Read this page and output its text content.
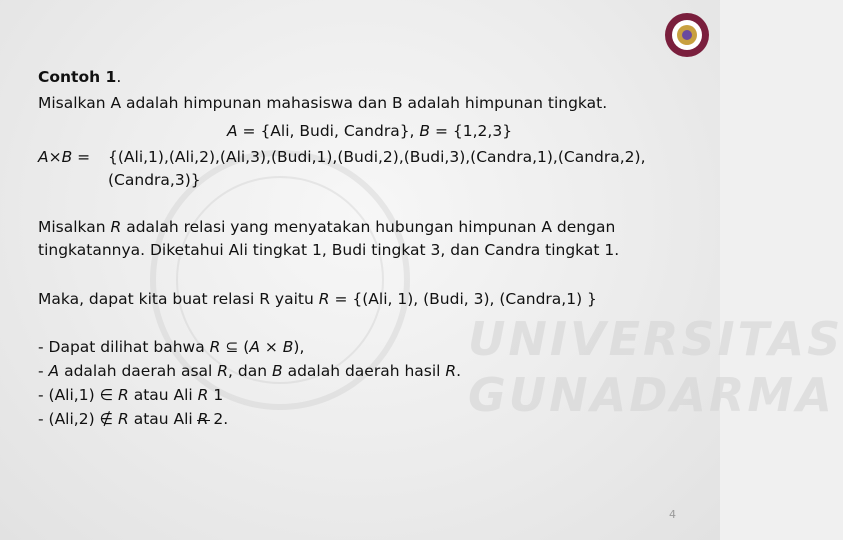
UNIVERSITAS
GUNADARMA
Contoh 1.
Misalkan A adalah himpunan mahasiswa dan B adalah himpunan tingkat.
A = {Ali, Budi, Candra}, B = {1,2,3}
A×B = {(Ali,1),(Ali,2),(Ali,3),(Budi,1),(Budi,2),(Budi,3),(Candra,1),(Candra,2),
(Candra,3)}
Misalkan R adalah relasi yang menyatakan hubungan himpunan A dengan
tingkatannya. Diketahui Ali tingkat 1, Budi tingkat 3, dan Candra tingkat 1.
Maka, dapat kita buat relasi R yaitu R = {(Ali, 1), (Budi, 3), (Candra,1) }
- Dapat dilihat bahwa R ⊆ (A × B),
- A adalah daerah asal R, dan B adalah daerah hasil R.
- (Ali,1) ∈ R atau Ali R 1
- (Ali,2) ∉ R atau Ali R 2.
4
